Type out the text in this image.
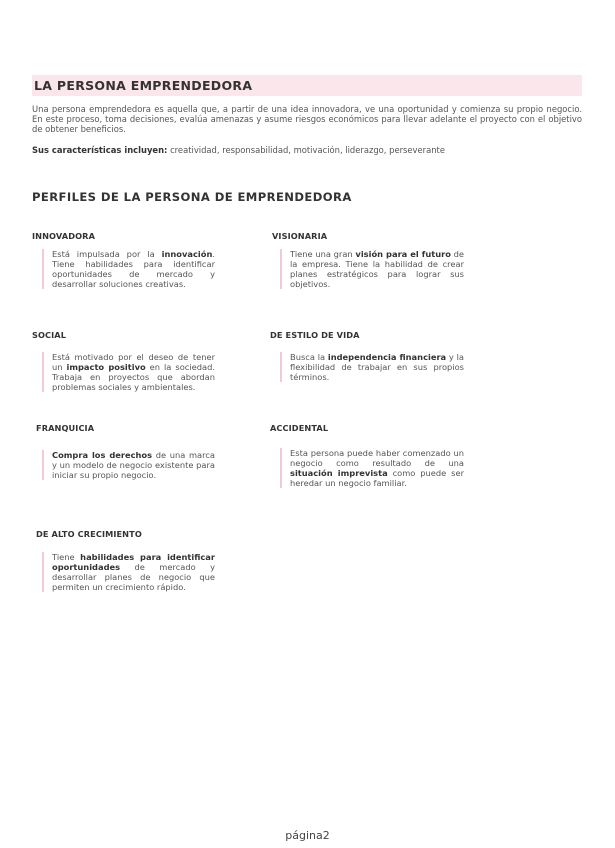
LA PERSONA EMPRENDEDORA
Una persona emprendedora es aquella que, a partir de una idea innovadora, ve una oportunidad y comienza su propio negocio. En este proceso, toma decisiones, evalúa amenazas y asume riesgos económicos para llevar adelante el proyecto con el objetivo de obtener beneficios.
Sus características incluyen: creatividad, responsabilidad, motivación, liderazgo, perseverante
PERFILES DE LA PERSONA DE EMPRENDEDORA
INNOVADORA
Está impulsada por la innovación. Tiene habilidades para identificar oportunidades de mercado y desarrollar soluciones creativas.
VISIONARIA
Tiene una gran visión para el futuro de la empresa. Tiene la habilidad de crear planes estratégicos para lograr sus objetivos.
SOCIAL
Está motivado por el deseo de tener un impacto positivo en la sociedad. Trabaja en proyectos que abordan problemas sociales y ambientales.
DE ESTILO DE VIDA
Busca la independencia financiera y la flexibilidad de trabajar en sus propios términos.
FRANQUICIA
Compra los derechos de una marca y un modelo de negocio existente para iniciar su propio negocio.
ACCIDENTAL
Esta persona puede haber comenzado un negocio como resultado de una situación imprevista como puede ser heredar un negocio familiar.
DE ALTO CRECIMIENTO
Tiene habilidades para identificar oportunidades de mercado y desarrollar planes de negocio que permiten un crecimiento rápido.
página2
